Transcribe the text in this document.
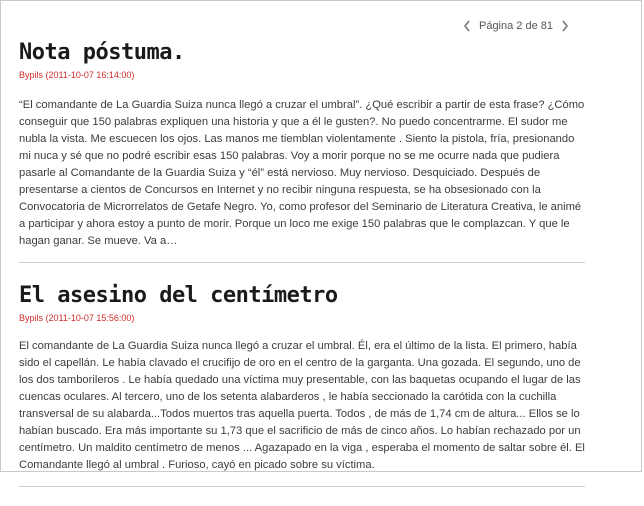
Página 2 de 81
Nota póstuma.
Bypils (2011-10-07 16:14:00)

“El comandante de La Guardia Suiza nunca llegó a cruzar el umbral”. ¿Qué escribir a partir de esta frase? ¿Cómo conseguir que 150 palabras expliquen una historia y que a él le gusten?. No puedo concentrarme. El sudor me nubla la vista. Me escuecen los ojos. Las manos me tiemblan violentamente . Siento la pistola, fría, presionando mi nuca y sé que no podré escribir esas 150 palabras. Voy a morir porque no se me ocurre nada que pudiera pasarle al Comandante de la Guardia Suiza y “él” está nervioso. Muy nervioso. Desquiciado. Después de presentarse a cientos de Concursos en Internet y no recibir ninguna respuesta, se ha obsesionado con la Convocatoria de Microrrelatos de Getafe Negro. Yo, como profesor del Seminario de Literatura Creativa, le animé a participar y ahora estoy a punto de morir. Porque un loco me exige 150 palabras que le complazcan. Y que le hagan ganar. Se mueve. Va a…

El asesino del centímetro
Bypils (2011-10-07 15:56:00)

El comandante de La Guardia Suiza nunca llegó a cruzar el umbral. Él, era el último de la lista. El primero, había sido el capellán. Le había clavado el crucifijo de oro en el centro de la garganta. Una gozada. El segundo, uno de los dos tamborileros . Le había quedado una víctima muy presentable, con las baquetas ocupando el lugar de las cuencas oculares. Al tercero, uno de los setenta alabarderos , le había seccionado la carótida con la cuchilla transversal de su alabarda...Todos muertos tras aquella puerta. Todos , de más de 1,74 cm de altura... Ellos se lo habían buscado. Era más importante su 1,73 que el sacrificio de más de cinco años. Lo habían rechazado por un centímetro. Un maldito centímetro de menos ... Agazapado en la viga , esperaba el momento de saltar sobre él. El Comandante llegó al umbral . Furioso, cayó en picado sobre su víctima.
